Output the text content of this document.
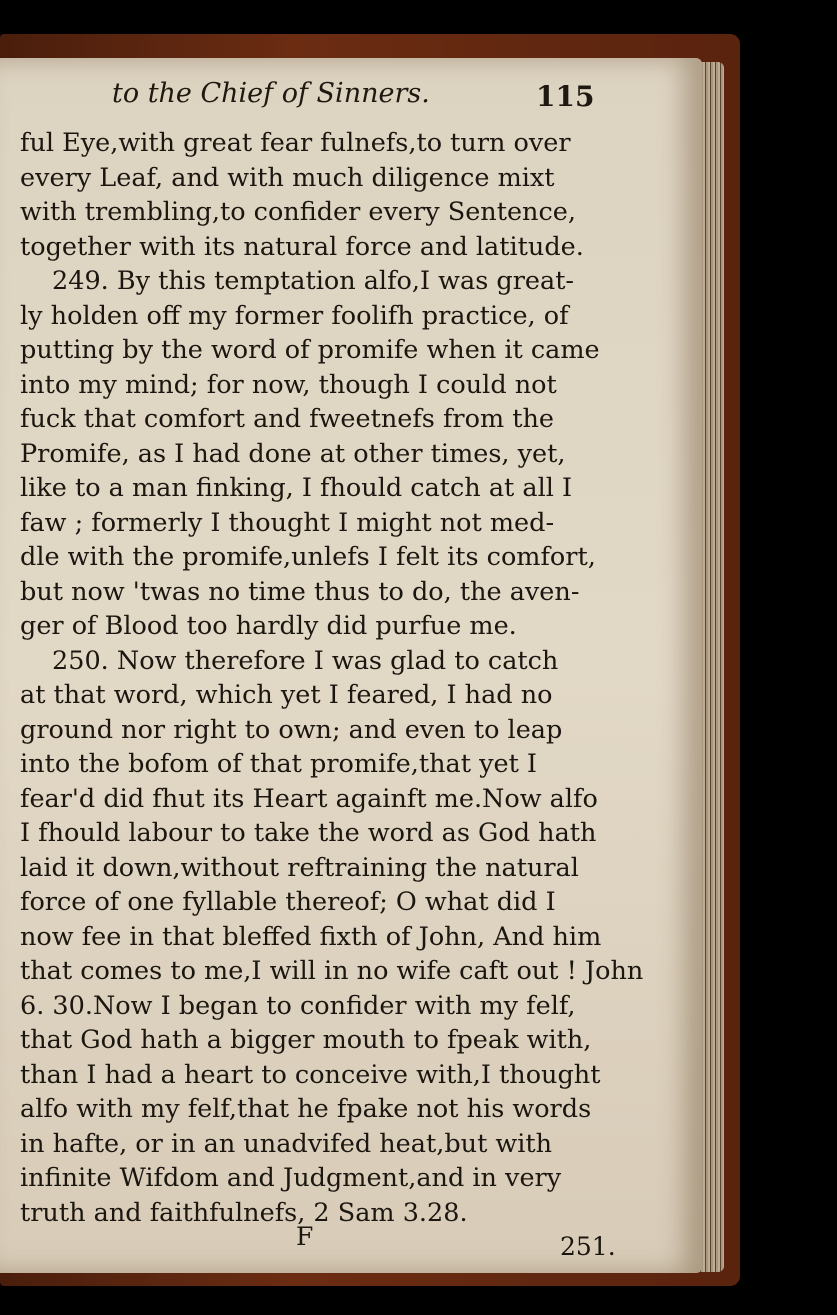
to the Chief of Sinners.	115
ful Eye,with great fear fulnefs,to turn over
every Leaf, and with much diligence mixt
with trembling,to confider every Sentence,
together with its natural force and latitude.
249. By this temptation alfo,I was great-
ly holden off my former foolifh practice, of
putting by the word of promife when it came
into my mind; for now, though I could not
fuck that comfort and fweetnefs from the
Promife, as I had done at other times, yet,
like to a man finking, I fhould catch at all I
faw ; formerly I thought I might not med-
dle with the promife,unlefs I felt its comfort,
but now 'twas no time thus to do, the aven-
ger of Blood too hardly did purfue me.
250. Now therefore I was glad to catch
at that word, which yet I feared, I had no
ground nor right to own; and even to leap
into the bofom of that promife,that yet I
fear'd did fhut its Heart againft me.Now alfo
I fhould labour to take the word as God hath
laid it down,without reftraining the natural
force of one fyllable thereof; O what did I
now fee in that bleffed fixth of John, And him
that comes to me,I will in no wife caft out ! John
6. 30.Now I began to confider with my felf,
that God hath a bigger mouth to fpeak with,
than I had a heart to conceive with,I thought
alfo with my felf,that he fpake not his words
in hafte, or in an unadvifed heat,but with
infinite Wifdom and Judgment,and in very
truth and faithfulnefs, 2 Sam 3.28.
F	251.
